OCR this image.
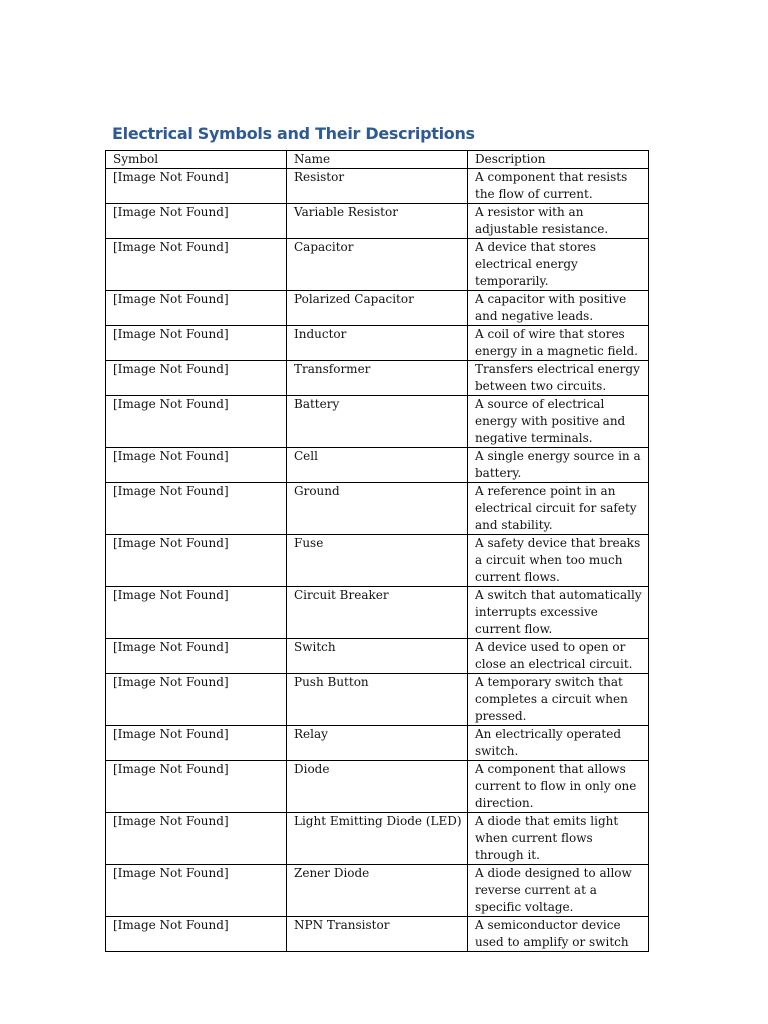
Electrical Symbols and Their Descriptions
Symbol	Name	Description
[Image Not Found]	Resistor	A component that resists the flow of current.
[Image Not Found]	Variable Resistor	A resistor with an adjustable resistance.
[Image Not Found]	Capacitor	A device that stores electrical energy temporarily.
[Image Not Found]	Polarized Capacitor	A capacitor with positive and negative leads.
[Image Not Found]	Inductor	A coil of wire that stores energy in a magnetic field.
[Image Not Found]	Transformer	Transfers electrical energy between two circuits.
[Image Not Found]	Battery	A source of electrical energy with positive and negative terminals.
[Image Not Found]	Cell	A single energy source in a battery.
[Image Not Found]	Ground	A reference point in an electrical circuit for safety and stability.
[Image Not Found]	Fuse	A safety device that breaks a circuit when too much current flows.
[Image Not Found]	Circuit Breaker	A switch that automatically interrupts excessive current flow.
[Image Not Found]	Switch	A device used to open or close an electrical circuit.
[Image Not Found]	Push Button	A temporary switch that completes a circuit when pressed.
[Image Not Found]	Relay	An electrically operated switch.
[Image Not Found]	Diode	A component that allows current to flow in only one direction.
[Image Not Found]	Light Emitting Diode (LED)	A diode that emits light when current flows through it.
[Image Not Found]	Zener Diode	A diode designed to allow reverse current at a specific voltage.
[Image Not Found]	NPN Transistor	A semiconductor device used to amplify or switch
